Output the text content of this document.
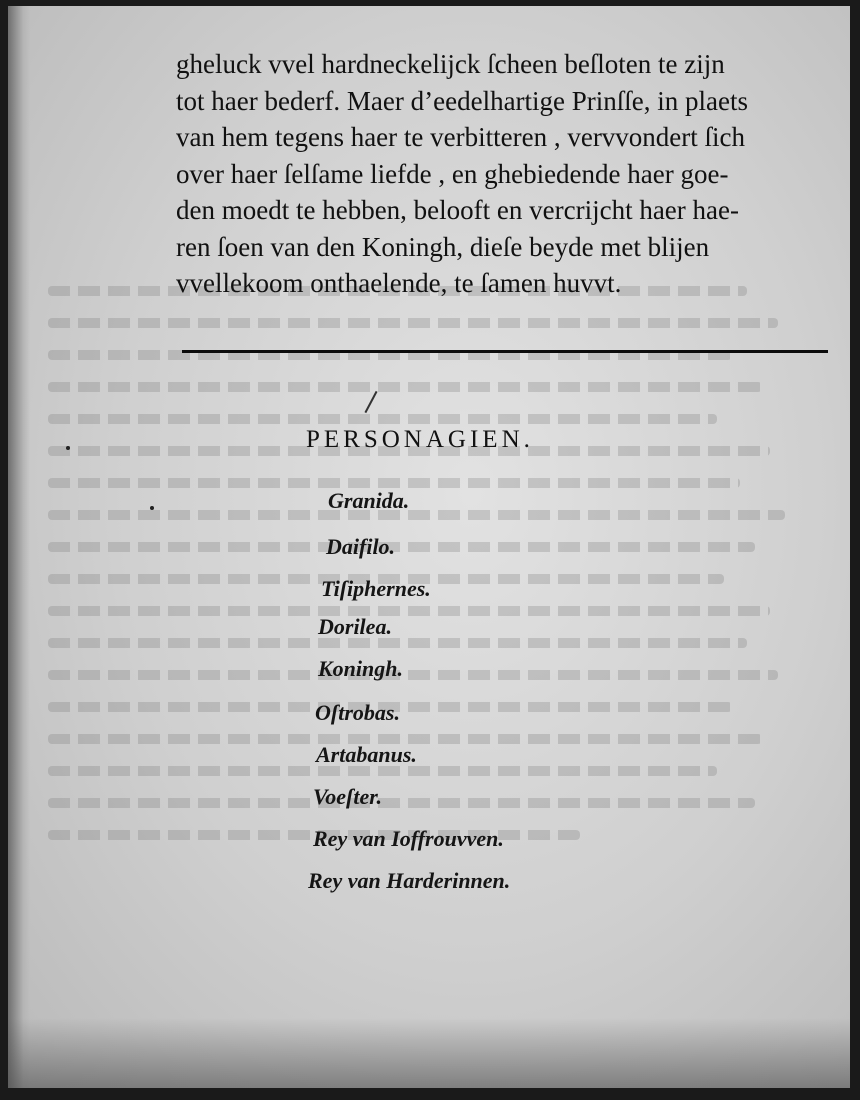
gheluck vvel hardneckelijck ſcheen beſloten te zijn
tot haer bederf. Maer d’eedelhartige Prinſſe, in plaets
van hem tegens haer te verbitteren , vervvondert ſich
over haer ſelſame liefde , en ghebiedende haer goe-
den moedt te hebben, belooft en vercrijcht haer hae-
ren ſoen van den Koningh, dieſe beyde met blijen
vvellekoom onthaelende, te ſamen huvvt.
PERSONAGIEN.
Granida.
Daifilo.
Tiſiphernes.
Dorilea.
Koningh.
Oſtrobas.
Artabanus.
Voeſter.
Rey van Ioffrouvven.
Rey van Harderinnen.
